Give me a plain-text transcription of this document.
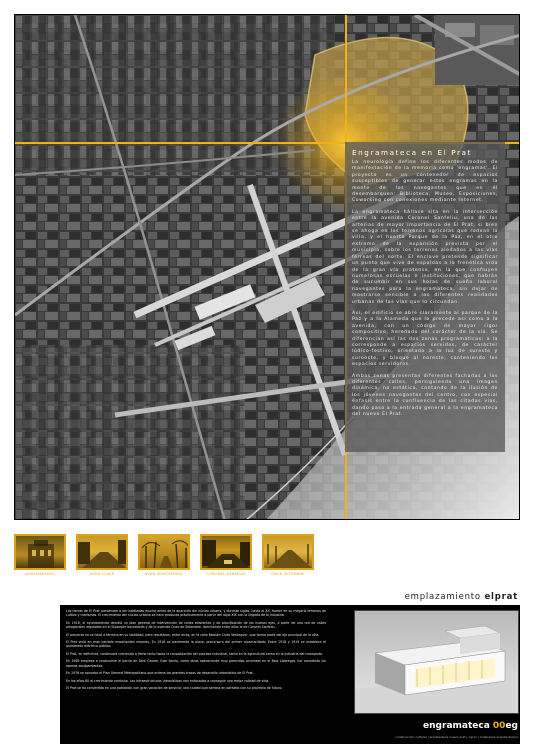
Engramateca en El Prat

La neurología define los diferentes modos de manifestación de la memoria como 'engramas'. El proyecto es un contenedor de espacios susceptibles de generar estos engramas en la mente de los navegantes que en él desembarquen: Biblioteca, Museo, Exposiciones, Coworking con conexiones mediante Internet.

La engramateca hállase sita en la intersección entre la avenida Coronel Sanfeliu, una de las arterias de mayor importancia de El Prat, si bien se ahoga en los terrenos agrícolas que rodean la villa, y el huerto Parque de la Paz, en el otro extremo de la expansión prevista por el municipio, sobre los terrenos aledaños a las vías férreas del norte. El enclave pretende significar un punto que vive de espaldas a la frenética vida de la gran vía pratense, en la que confluyen numerosas escuelas e instituciones, que habrán de sucumbir en sus horas de sueño laboral navegantes para la engramateca, sin dejar de mostrarse sensible a las diferentes realidades urbanas de las vías que lo circundan.

Así, el edificio se abre claramente al parque de la Paz y a la Alameda que lo precede así como a la avenida, con un código de mayor rigor compositivo, heredado del carácter de la vía. Se diferencian así las dos zonas programáticas: a la corresponde a espacios servidos, de carácter lúdico-festivo, orientado a la luz de sureste y suroeste, y bloque al noreste, conteniendo los espacios servidores.

Ambas zonas presentan diferentes fachadas a las diferentes calles, persiguiendo una imagen dinámica, no estática, contando de la ilusión de los jóvenes navegantes del centro, con especial énfasis entre la confluencia de las citadas vías, dando paso a la entrada general a la engramateca del nuevo El Prat.

AYUNTAMIENTO	AVDA CLAVÉ	AVDA MONTSERRAT	CORONEL SANFELIU	ONCE SETEMBRE
emplazamiento elprat

Las tierras de El Prat comienzan a ser habitadas mucho antes de la aparición del núcleo urbano, y durante siglos, hasta el XX, fueron en su mayoría terrenos de cultivo y marismas. El crecimiento del núcleo urbano se hace producto prácticamente a partir del siglo XIX con la llegada de la industria.

En 1916, el ayuntamiento decidió un plan general de intervención de calles existentes y de planificación de los nuevos ejes, a partir de una red de calles ortogonales reguladas en el Eixample barcelonés y de la avenida Onze de Setembre, dominando entre ellos la de Coronel Sanfeliu.

El proyecto no se llevó a término en su totalidad, pero resultaron, entre otras, en la calle Mossèn Cinto Verdaguer, que forma parte del eje principal de la villa.

El Prat vivió en este período importantes mejoras. En 1918 se pavimenta la plaza, precursora del primer alcantarillado. Entre 1918 y 1919 se establece el alumbrado eléctrico público.

El Prat, en definitiva, continuará creciendo a ritmo lento hasta la consolidación del proceso industrial, tanto en la agricultura como en la industria del transporte.

En 1965 empieza a construirse el barrio de Sant Cosme. Este barrio, como otras operaciones muy parecidas ocurridas en el Baix Llobregat, fue concebido sin apenas equipamientos.

En 1976 se aprueba el Plan General Metropolitano que ordena los grandes trazos de desarrollo urbanístico de El Prat.

En los años 80 el crecimiento continúa. Las infraestructuras urbanísticas van enfocadas a conseguir una mejor calidad de vida.

El Prat se ha convertido en una población con gran vocación de servicio; una ciudad que camina en paralelo con su proyecto de futuro.

engramateca 00eg
construcción cultural | arquitectura nuevo prat | cgnm | ordenanza arquitectónica
